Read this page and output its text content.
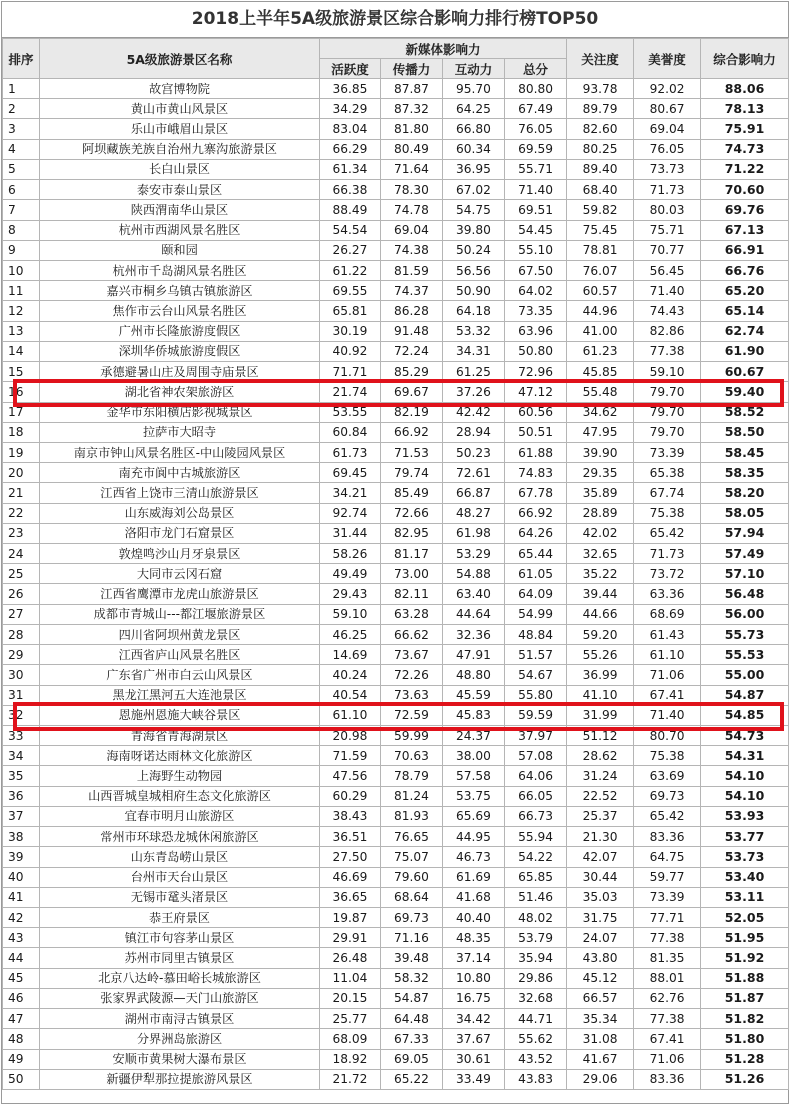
2018上半年5A级旅游景区综合影响力排行榜TOP50
排序	5A级旅游景区名称	新媒体影响力				关注度	美誉度	综合影响力
		活跃度	传播力	互动力	总分			
1	故宫博物院	36.85	87.87	95.70	80.80	93.78	92.02	88.06
2	黄山市黄山风景区	34.29	87.32	64.25	67.49	89.79	80.67	78.13
3	乐山市峨眉山景区	83.04	81.80	66.80	76.05	82.60	69.04	75.91
4	阿坝藏族羌族自治州九寨沟旅游景区	66.29	80.49	60.34	69.59	80.25	76.05	74.73
5	长白山景区	61.34	71.64	36.95	55.71	89.40	73.73	71.22
6	泰安市泰山景区	66.38	78.30	67.02	71.40	68.40	71.73	70.60
7	陕西渭南华山景区	88.49	74.78	54.75	69.51	59.82	80.03	69.76
8	杭州市西湖风景名胜区	54.54	69.04	39.80	54.45	75.45	75.71	67.13
9	颐和园	26.27	74.38	50.24	55.10	78.81	70.77	66.91
10	杭州市千岛湖风景名胜区	61.22	81.59	56.56	67.50	76.07	56.45	66.76
11	嘉兴市桐乡乌镇古镇旅游区	69.55	74.37	50.90	64.02	60.57	71.40	65.20
12	焦作市云台山风景名胜区	65.81	86.28	64.18	73.35	44.96	74.43	65.14
13	广州市长隆旅游度假区	30.19	91.48	53.32	63.96	41.00	82.86	62.74
14	深圳华侨城旅游度假区	40.92	72.24	34.31	50.80	61.23	77.38	61.90
15	承德避暑山庄及周围寺庙景区	71.71	85.29	61.25	72.96	45.85	59.10	60.67
16	湖北省神农架旅游区	21.74	69.67	37.26	47.12	55.48	79.70	59.40
17	金华市东阳横店影视城景区	53.55	82.19	42.42	60.56	34.62	79.70	58.52
18	拉萨市大昭寺	60.84	66.92	28.94	50.51	47.95	79.70	58.50
19	南京市钟山风景名胜区-中山陵园风景区	61.73	71.53	50.23	61.88	39.90	73.39	58.45
20	南充市阆中古城旅游区	69.45	79.74	72.61	74.83	29.35	65.38	58.35
21	江西省上饶市三清山旅游景区	34.21	85.49	66.87	67.78	35.89	67.74	58.20
22	山东威海刘公岛景区	92.74	72.66	48.27	66.92	28.89	75.38	58.05
23	洛阳市龙门石窟景区	31.44	82.95	61.98	64.26	42.02	65.42	57.94
24	敦煌鸣沙山月牙泉景区	58.26	81.17	53.29	65.44	32.65	71.73	57.49
25	大同市云冈石窟	49.49	73.00	54.88	61.05	35.22	73.72	57.10
26	江西省鹰潭市龙虎山旅游景区	29.43	82.11	63.40	64.09	39.44	63.36	56.48
27	成都市青城山---都江堰旅游景区	59.10	63.28	44.64	54.99	44.66	68.69	56.00
28	四川省阿坝州黄龙景区	46.25	66.62	32.36	48.84	59.20	61.43	55.73
29	江西省庐山风景名胜区	14.69	73.67	47.91	51.57	55.26	61.10	55.53
30	广东省广州市白云山风景区	40.24	72.26	48.80	54.67	36.99	71.06	55.00
31	黑龙江黑河五大连池景区	40.54	73.63	45.59	55.80	41.10	67.41	54.87
32	恩施州恩施大峡谷景区	61.10	72.59	45.83	59.59	31.99	71.40	54.85
33	青海省青海湖景区	20.98	59.99	24.37	37.97	51.12	80.70	54.73
34	海南呀诺达雨林文化旅游区	71.59	70.63	38.00	57.08	28.62	75.38	54.31
35	上海野生动物园	47.56	78.79	57.58	64.06	31.24	63.69	54.10
36	山西晋城皇城相府生态文化旅游区	60.29	81.24	53.75	66.05	22.52	69.73	54.10
37	宜春市明月山旅游区	38.43	81.93	65.69	66.73	25.37	65.42	53.93
38	常州市环球恐龙城休闲旅游区	36.51	76.65	44.95	55.94	21.30	83.36	53.77
39	山东青岛崂山景区	27.50	75.07	46.73	54.22	42.07	64.75	53.73
40	台州市天台山景区	46.69	79.60	61.69	65.85	30.44	59.77	53.40
41	无锡市鼋头渚景区	36.65	68.64	41.68	51.46	35.03	73.39	53.11
42	恭王府景区	19.87	69.73	40.40	48.02	31.75	77.71	52.05
43	镇江市句容茅山景区	29.91	71.16	48.35	53.79	24.07	77.38	51.95
44	苏州市同里古镇景区	26.48	39.48	37.14	35.94	43.80	81.35	51.92
45	北京八达岭-慕田峪长城旅游区	11.04	58.32	10.80	29.86	45.12	88.01	51.88
46	张家界武陵源—天门山旅游区	20.15	54.87	16.75	32.68	66.57	62.76	51.87
47	湖州市南浔古镇景区	25.77	64.48	34.42	44.71	35.34	77.38	51.82
48	分界洲岛旅游区	68.09	67.33	37.67	55.62	31.08	67.41	51.80
49	安顺市黄果树大瀑布景区	18.92	69.05	30.61	43.52	41.67	71.06	51.28
50	新疆伊犁那拉提旅游风景区	21.72	65.22	33.49	43.83	29.06	83.36	51.26
